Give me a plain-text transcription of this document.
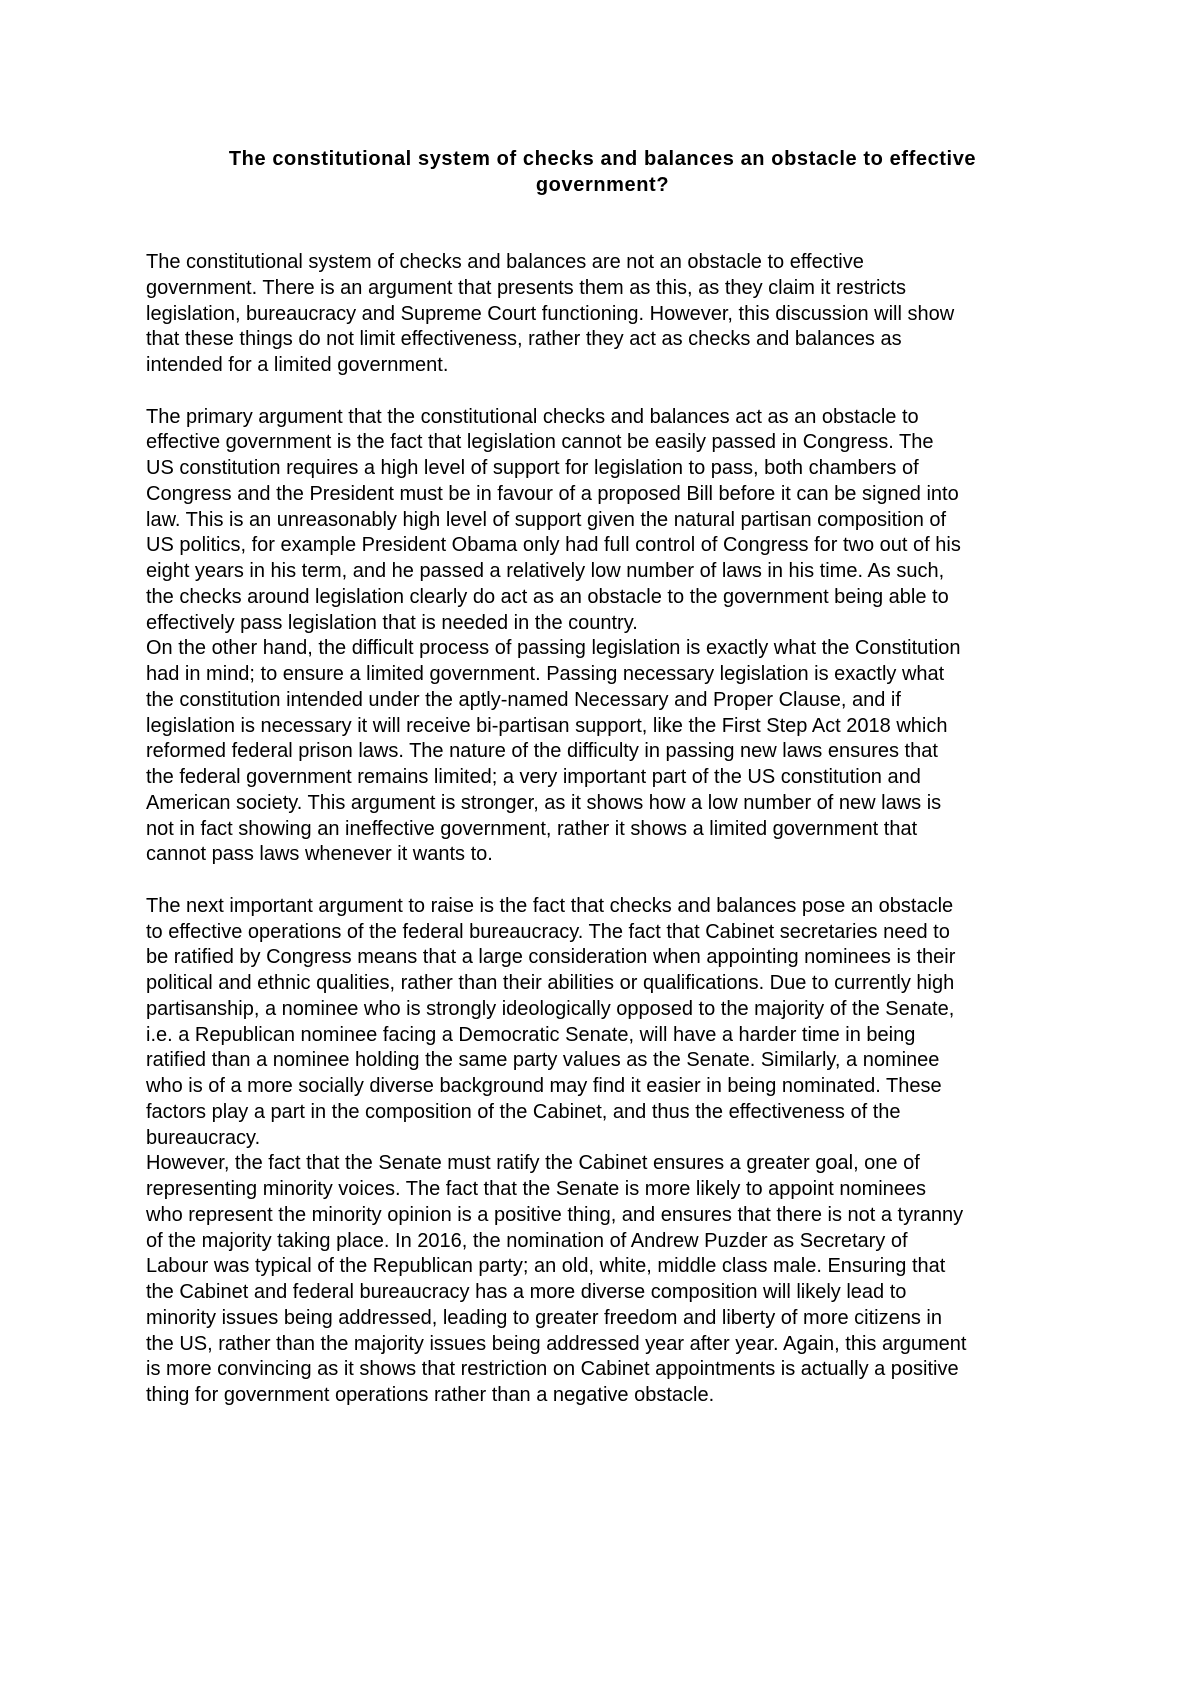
The constitutional system of checks and balances an obstacle to effective
government?
The constitutional system of checks and balances are not an obstacle to effective
government. There is an argument that presents them as this, as they claim it restricts
legislation, bureaucracy and Supreme Court functioning. However, this discussion will show
that these things do not limit effectiveness, rather they act as checks and balances as
intended for a limited government.
The primary argument that the constitutional checks and balances act as an obstacle to
effective government is the fact that legislation cannot be easily passed in Congress. The
US constitution requires a high level of support for legislation to pass, both chambers of
Congress and the President must be in favour of a proposed Bill before it can be signed into
law. This is an unreasonably high level of support given the natural partisan composition of
US politics, for example President Obama only had full control of Congress for two out of his
eight years in his term, and he passed a relatively low number of laws in his time. As such,
the checks around legislation clearly do act as an obstacle to the government being able to
effectively pass legislation that is needed in the country.
On the other hand, the difficult process of passing legislation is exactly what the Constitution
had in mind; to ensure a limited government. Passing necessary legislation is exactly what
the constitution intended under the aptly-named Necessary and Proper Clause, and if
legislation is necessary it will receive bi-partisan support, like the First Step Act 2018 which
reformed federal prison laws. The nature of the difficulty in passing new laws ensures that
the federal government remains limited; a very important part of the US constitution and
American society. This argument is stronger, as it shows how a low number of new laws is
not in fact showing an ineffective government, rather it shows a limited government that
cannot pass laws whenever it wants to.
The next important argument to raise is the fact that checks and balances pose an obstacle
to effective operations of the federal bureaucracy. The fact that Cabinet secretaries need to
be ratified by Congress means that a large consideration when appointing nominees is their
political and ethnic qualities, rather than their abilities or qualifications. Due to currently high
partisanship, a nominee who is strongly ideologically opposed to the majority of the Senate,
i.e. a Republican nominee facing a Democratic Senate, will have a harder time in being
ratified than a nominee holding the same party values as the Senate. Similarly, a nominee
who is of a more socially diverse background may find it easier in being nominated. These
factors play a part in the composition of the Cabinet, and thus the effectiveness of the
bureaucracy.
However, the fact that the Senate must ratify the Cabinet ensures a greater goal, one of
representing minority voices. The fact that the Senate is more likely to appoint nominees
who represent the minority opinion is a positive thing, and ensures that there is not a tyranny
of the majority taking place. In 2016, the nomination of Andrew Puzder as Secretary of
Labour was typical of the Republican party; an old, white, middle class male. Ensuring that
the Cabinet and federal bureaucracy has a more diverse composition will likely lead to
minority issues being addressed, leading to greater freedom and liberty of more citizens in
the US, rather than the majority issues being addressed year after year. Again, this argument
is more convincing as it shows that restriction on Cabinet appointments is actually a positive
thing for government operations rather than a negative obstacle.
